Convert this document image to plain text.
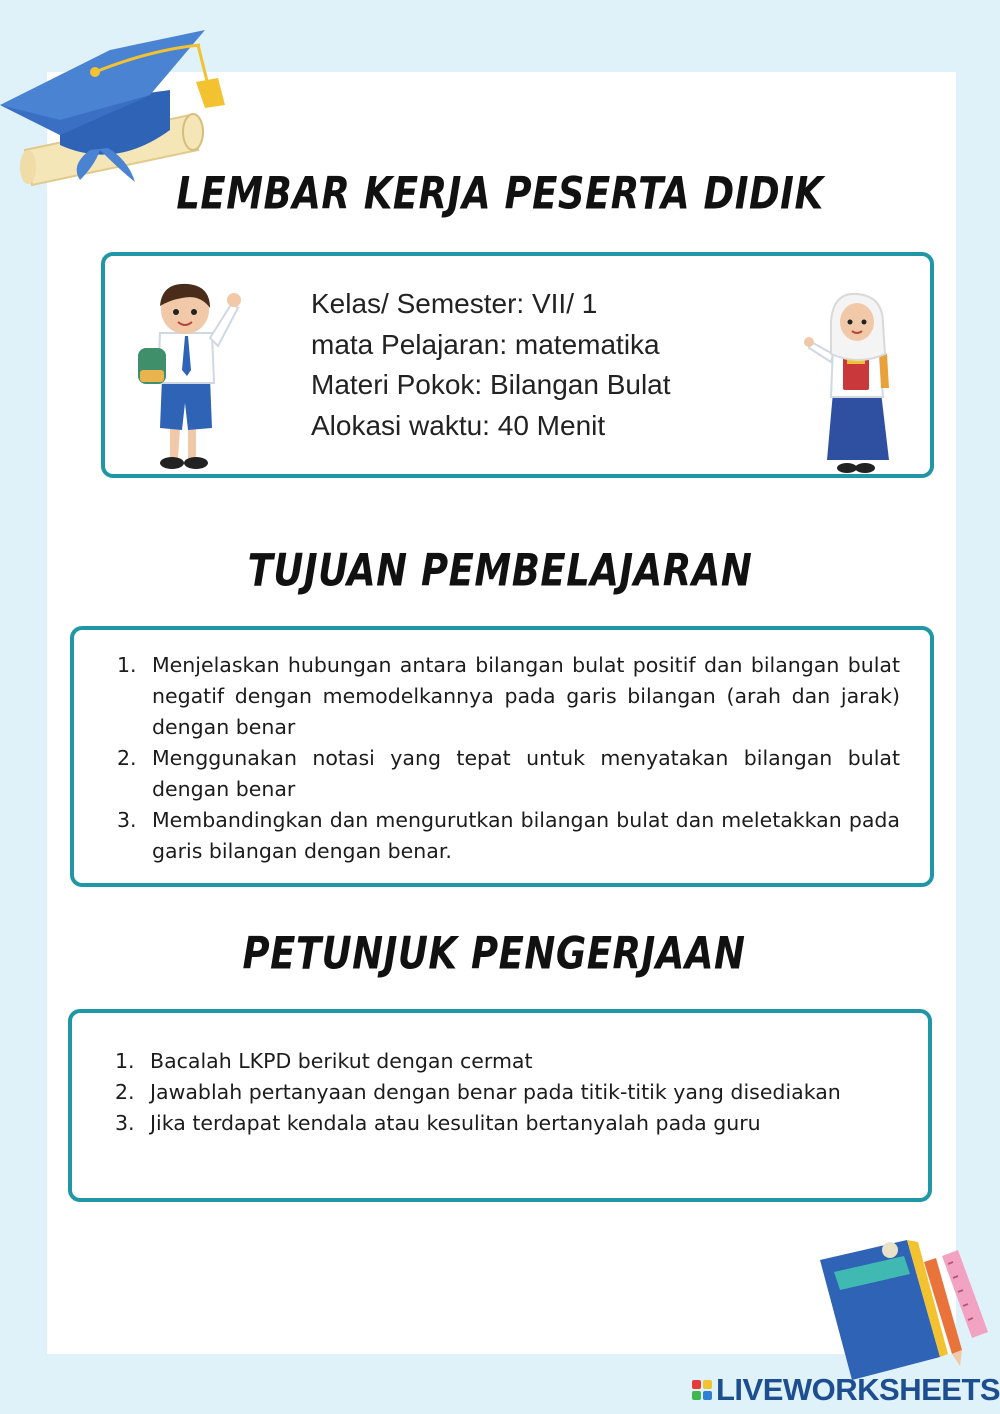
LEMBAR KERJA PESERTA DIDIK
Kelas/ Semester: VII/ 1
mata Pelajaran: matematika
Materi Pokok: Bilangan Bulat
Alokasi waktu: 40 Menit
TUJUAN PEMBELAJARAN
1. Menjelaskan hubungan antara bilangan bulat positif dan bilangan bulat negatif dengan memodelkannya pada garis bilangan (arah dan jarak) dengan benar
2. Menggunakan notasi yang tepat untuk menyatakan bilangan bulat dengan benar
3. Membandingkan dan mengurutkan bilangan bulat dan meletakkan pada garis bilangan dengan benar.
PETUNJUK PENGERJAAN
1. Bacalah LKPD berikut dengan cermat
2. Jawablah pertanyaan dengan benar pada titik-titik yang disediakan
3. Jika terdapat kendala atau kesulitan bertanyalah pada guru
LIVEWORKSHEETS
